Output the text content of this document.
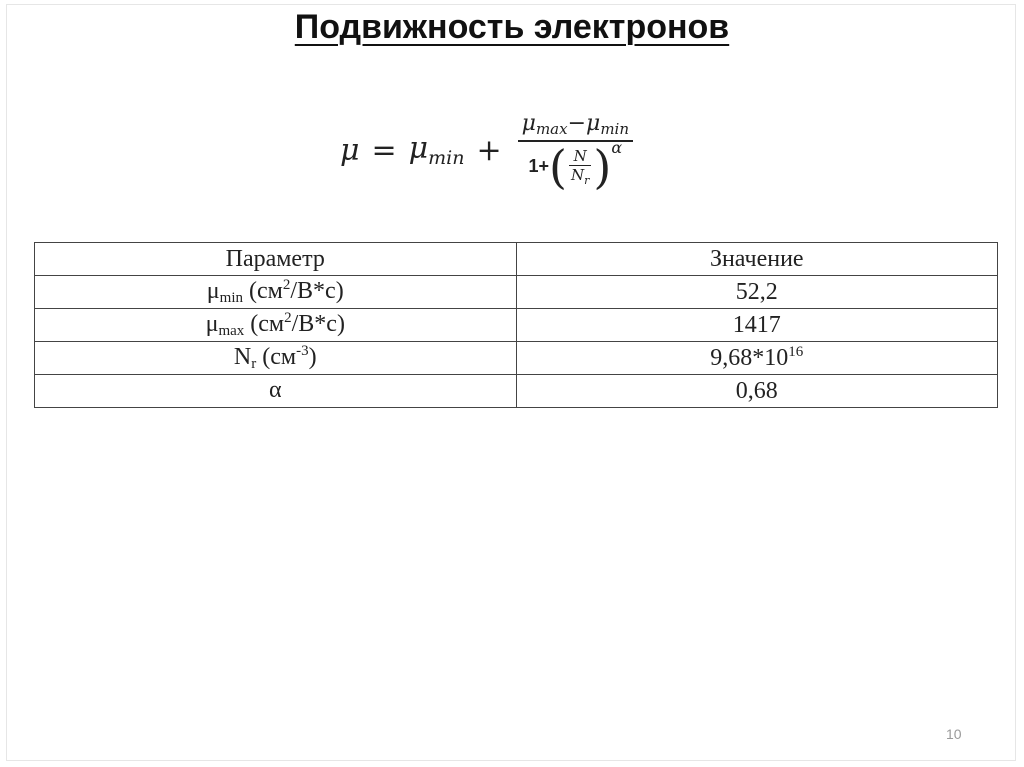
Подвижность электронов
$\mu = \mu_{min}$ +
μmax−μmin
1+ ( $\frac{N}{N_r}$ ) α
Параметр	Значение
$\mu_{min}$ $(см^2/В*с)$	52,2
$\mu_{max}$ $(см^2/В*с)$	1417
$N_r$ $(см^{-3})$	$9,68*10^{16}$
α	0,68
10
